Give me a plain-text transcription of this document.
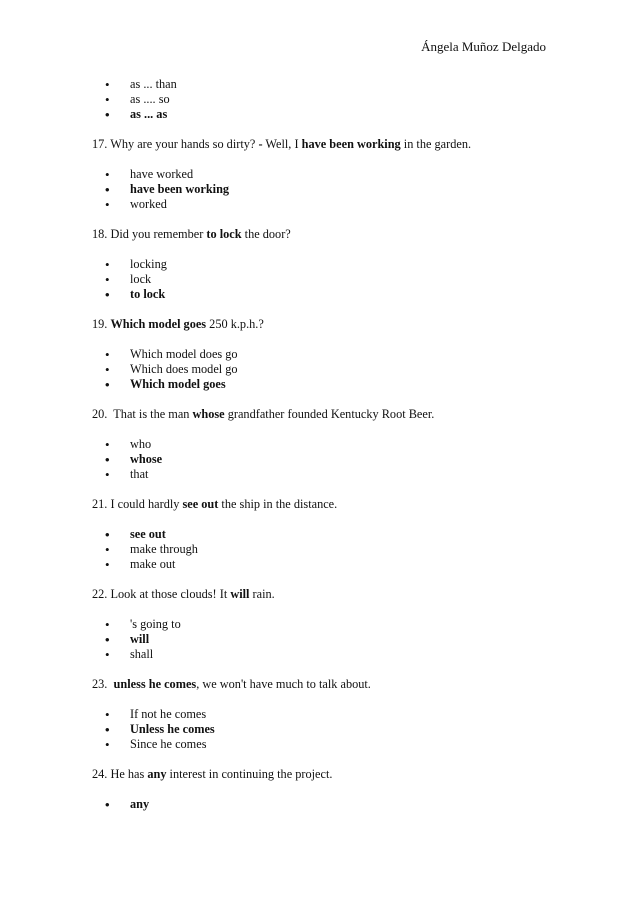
Ángela Muñoz Delgado
• as ... than
• as .... so
• as ... as

17. Why are your hands so dirty? - Well, I have been working in the garden.

• have worked
• have been working
• worked

18. Did you remember to lock the door?

• locking
• lock
• to lock

19. Which model goes 250 k.p.h.?

• Which model does go
• Which does model go
• Which model goes

20.  That is the man whose grandfather founded Kentucky Root Beer.

• who
• whose
• that

21. I could hardly see out the ship in the distance.

• see out
• make through
• make out

22. Look at those clouds! It will rain.

• 's going to
• will
• shall

23.  unless he comes, we won't have much to talk about.

• If not he comes
• Unless he comes
• Since he comes

24. He has any interest in continuing the project.

• any
